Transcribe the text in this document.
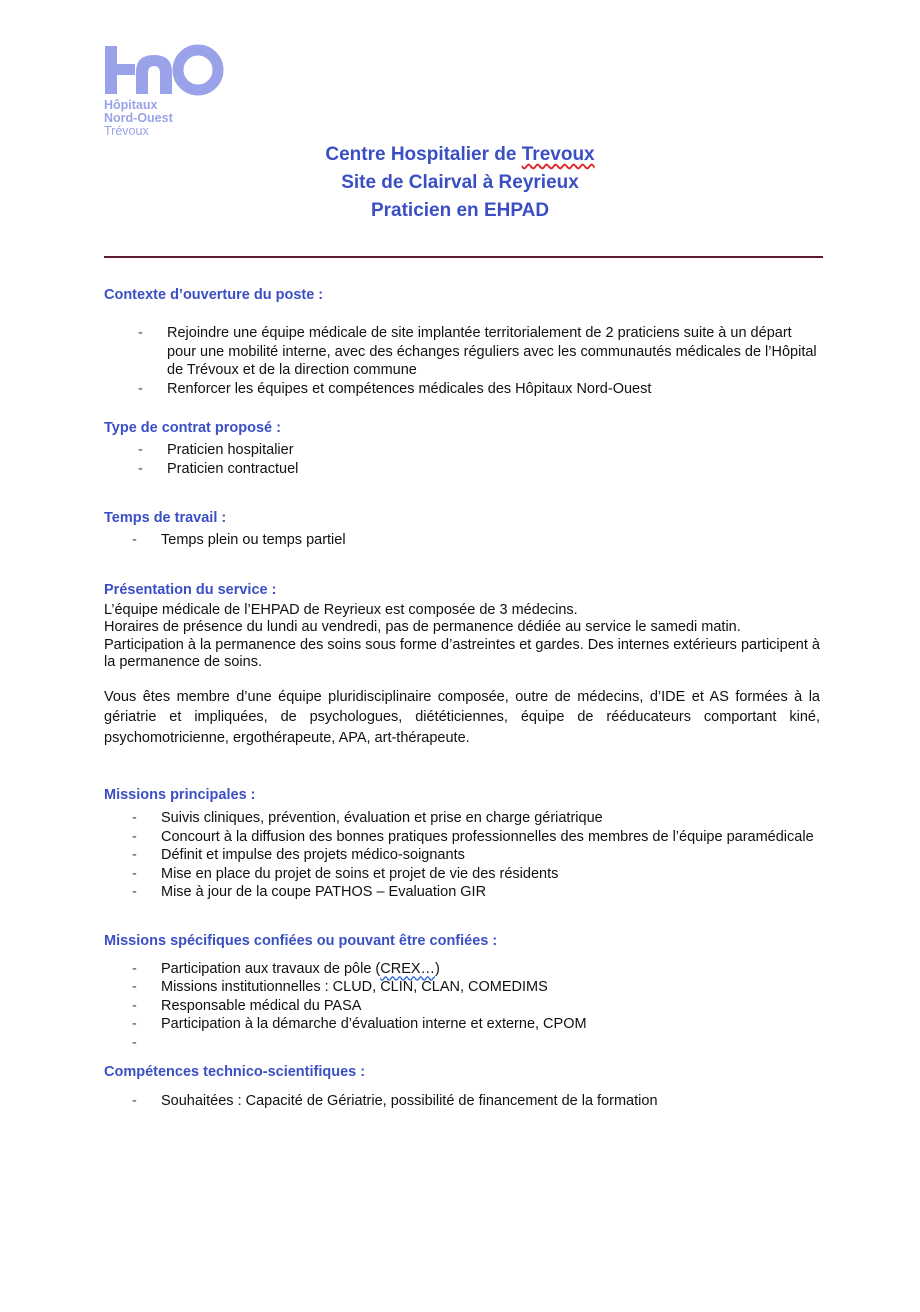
Hôpitaux
Nord-Ouest
Trévoux
Centre Hospitalier de Trevoux
Site de Clairval à Reyrieux
Praticien en EHPAD
Contexte d’ouverture du poste :
- Rejoindre une équipe médicale de site implantée territorialement de 2 praticiens suite à un départ pour une mobilité interne, avec des échanges réguliers avec les communautés médicales de l’Hôpital de Trévoux et de la direction commune
- Renforcer les équipes et compétences médicales des Hôpitaux Nord-Ouest
Type de contrat proposé :
- Praticien hospitalier
- Praticien contractuel
Temps de travail :
- Temps plein ou temps partiel
Présentation du service :
L’équipe médicale de l’EHPAD de Reyrieux est composée de 3 médecins.
Horaires de présence du lundi au vendredi, pas de permanence dédiée au service le samedi matin.
Participation à la permanence des soins sous forme d’astreintes et gardes. Des internes extérieurs participent à la permanence de soins.
Vous êtes membre d’une équipe pluridisciplinaire composée, outre de médecins, d’IDE et AS formées à la gériatrie et impliquées, de psychologues, diététiciennes, équipe de rééducateurs comportant kiné, psychomotricienne, ergothérapeute, APA, art-thérapeute.
Missions principales :
- Suivis cliniques, prévention, évaluation et prise en charge gériatrique
- Concourt à la diffusion des bonnes pratiques professionnelles des membres de l’équipe paramédicale
- Définit et impulse des projets médico-soignants
- Mise en place du projet de soins et projet de vie des résidents
- Mise à jour de la coupe PATHOS – Evaluation GIR
Missions spécifiques confiées ou pouvant être confiées :
- Participation aux travaux de pôle (CREX…)
- Missions institutionnelles : CLUD, CLIN, CLAN, COMEDIMS
- Responsable médical du PASA
- Participation à la démarche d’évaluation interne et externe, CPOM
-

Compétences technico-scientifiques :
- Souhaitées : Capacité de Gériatrie, possibilité de financement de la formation
